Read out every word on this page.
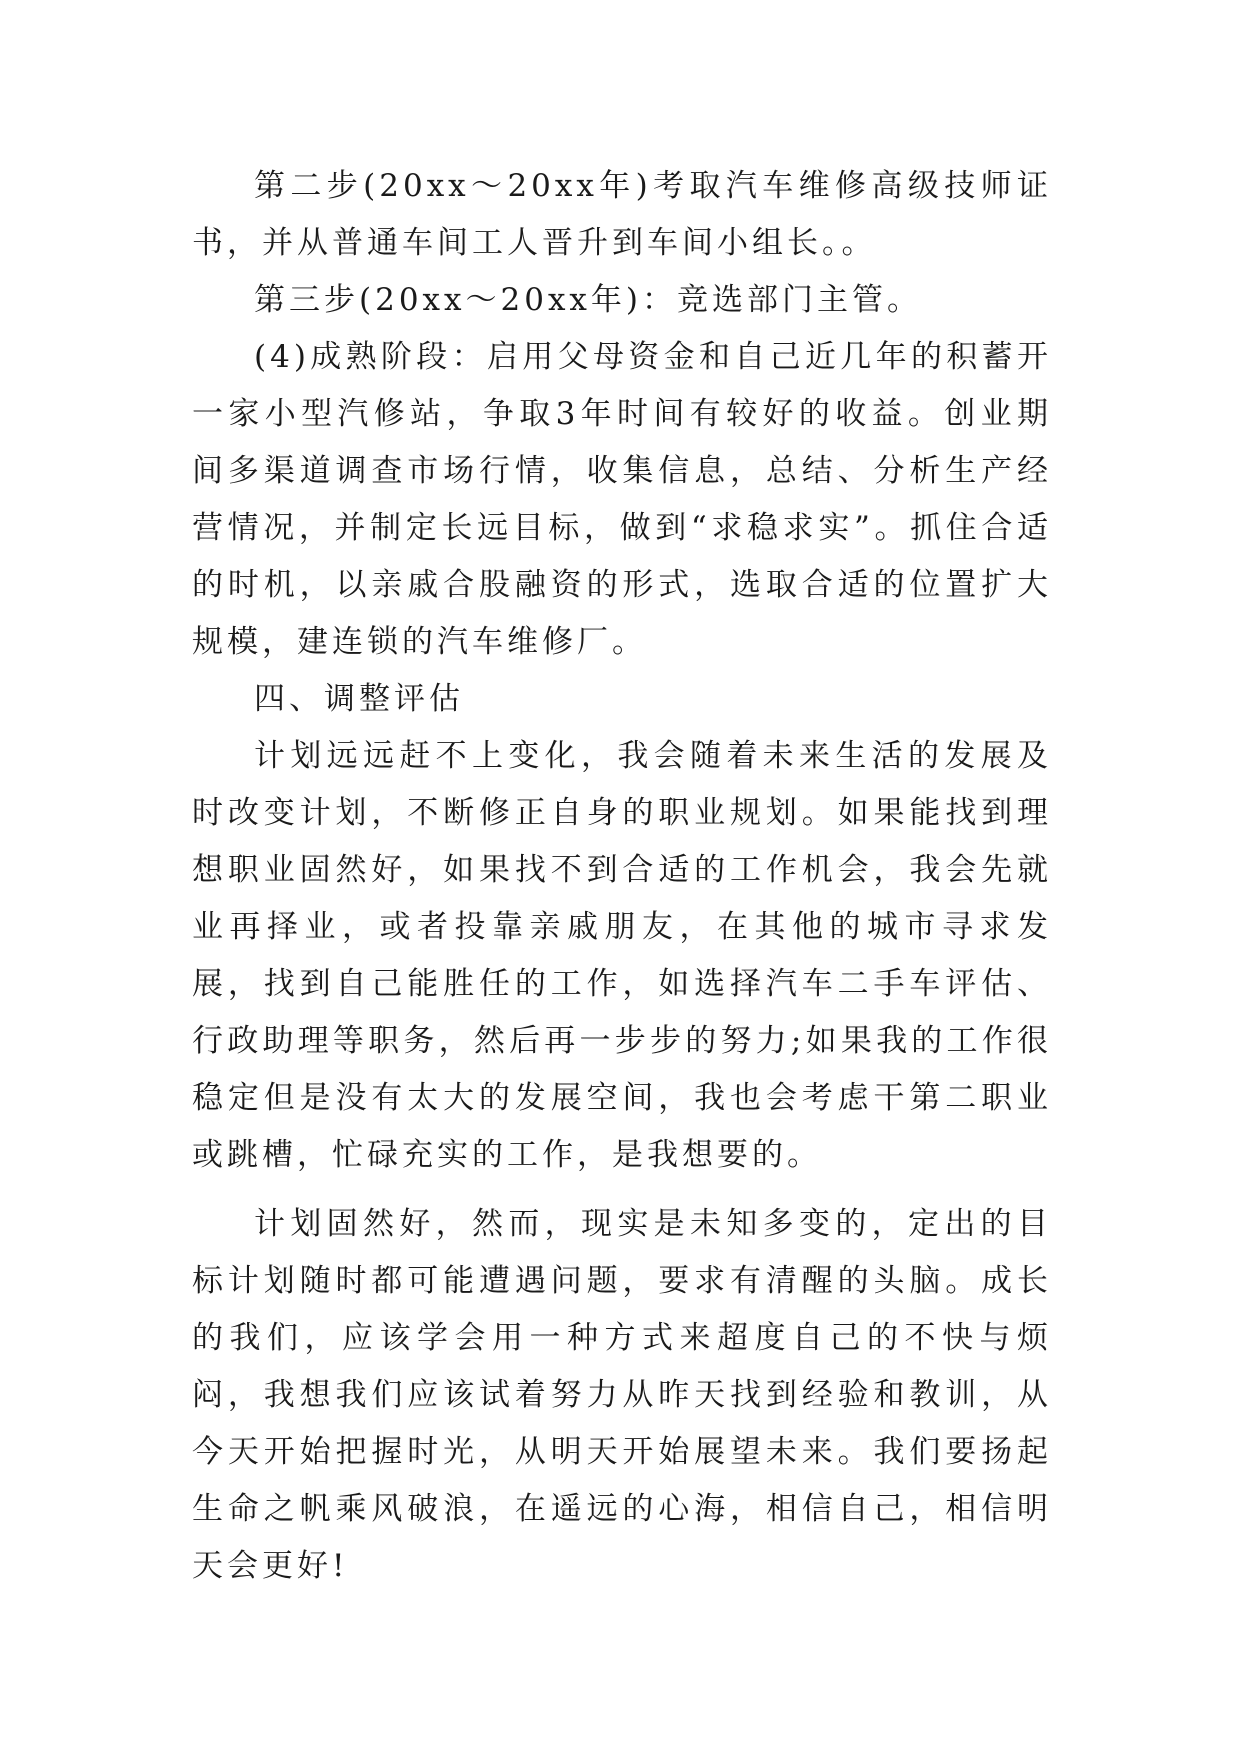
第二步(20xx～20xx年)考取汽车维修高级技师证书，并从普通车间工人晋升到车间小组长。。

第三步(20xx～20xx年)：竞选部门主管。

(4)成熟阶段：启用父母资金和自己近几年的积蓄开一家小型汽修站，争取3年时间有较好的收益。创业期间多渠道调查市场行情，收集信息，总结、分析生产经营情况，并制定长远目标，做到“求稳求实”。抓住合适的时机，以亲戚合股融资的形式，选取合适的位置扩大规模，建连锁的汽车维修厂。

四、调整评估

计划远远赶不上变化，我会随着未来生活的发展及时改变计划，不断修正自身的职业规划。如果能找到理想职业固然好，如果找不到合适的工作机会，我会先就业再择业，或者投靠亲戚朋友，在其他的城市寻求发展，找到自己能胜任的工作，如选择汽车二手车评估、行政助理等职务，然后再一步步的努力;如果我的工作很稳定但是没有太大的发展空间，我也会考虑干第二职业或跳槽，忙碌充实的工作，是我想要的。

计划固然好，然而，现实是未知多变的，定出的目标计划随时都可能遭遇问题，要求有清醒的头脑。成长的我们，应该学会用一种方式来超度自己的不快与烦闷，我想我们应该试着努力从昨天找到经验和教训，从今天开始把握时光，从明天开始展望未来。我们要扬起生命之帆乘风破浪，在遥远的心海，相信自己，相信明天会更好!
